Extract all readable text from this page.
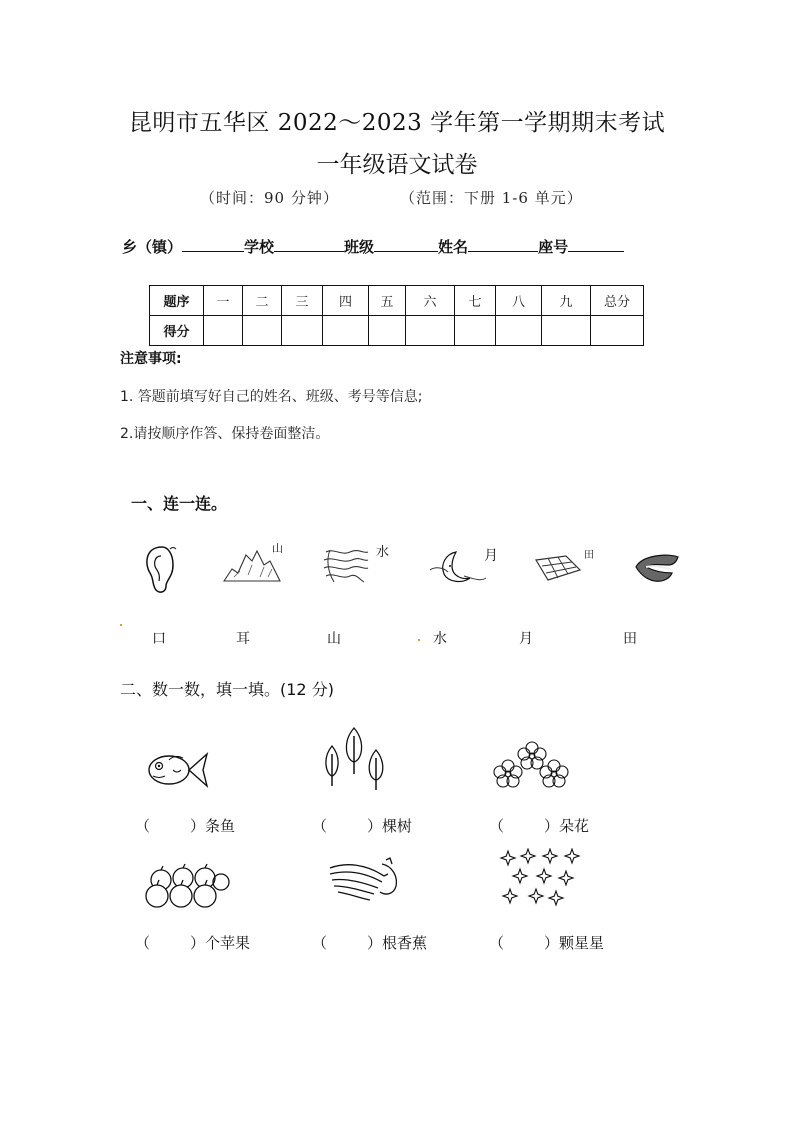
昆明市五华区 2022～2023 学年第一学期期末考试
一年级语文试卷
（时间：90 分钟）	（范围：下册 1-6 单元）
乡（镇）	学校	班级	姓名	座号
题序	一	二	三	四	五	六	七	八	九	总分
得分										
注意事项:
1. 答题前填写好自己的姓名、班级、考号等信息;
2.请按顺序作答、保持卷面整洁。
一、连一连。
山	水	月	田
口	耳	山	水	月	田
二、数一数，填一填。(12 分)
（	）条鱼	（	）棵树	（	）朵花
（	）个苹果	（	）根香蕉	（	）颗星星
